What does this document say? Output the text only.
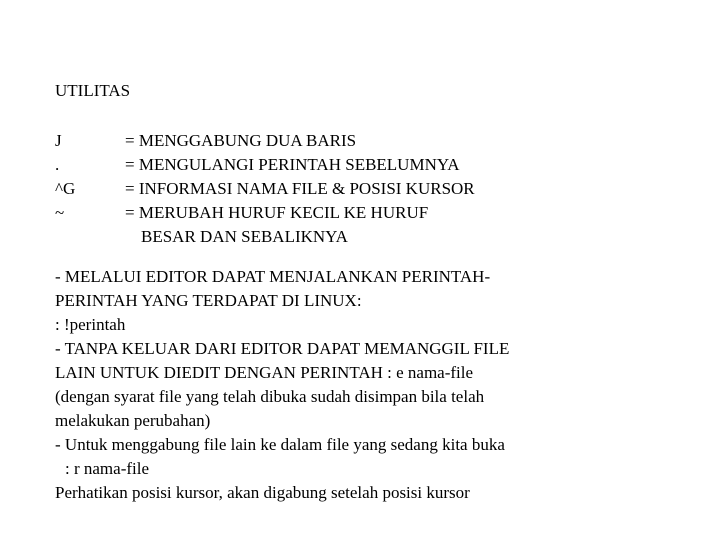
UTILITAS
J	= MENGGABUNG DUA BARIS
.	= MENGULANGI PERINTAH SEBELUMNYA
^G	= INFORMASI NAMA FILE & POSISI KURSOR
~	= MERUBAH HURUF KECIL KE HURUF
BESAR DAN SEBALIKNYA
- MELALUI EDITOR DAPAT MENJALANKAN PERINTAH-
PERINTAH YANG TERDAPAT DI LINUX:
: !perintah
- TANPA KELUAR DARI EDITOR DAPAT MEMANGGIL FILE
LAIN UNTUK DIEDIT DENGAN PERINTAH : e nama-file
(dengan syarat file yang telah dibuka sudah disimpan bila telah
melakukan perubahan)
- Untuk menggabung file lain ke dalam file yang sedang kita buka
: r nama-file
Perhatikan posisi kursor, akan digabung setelah posisi kursor
